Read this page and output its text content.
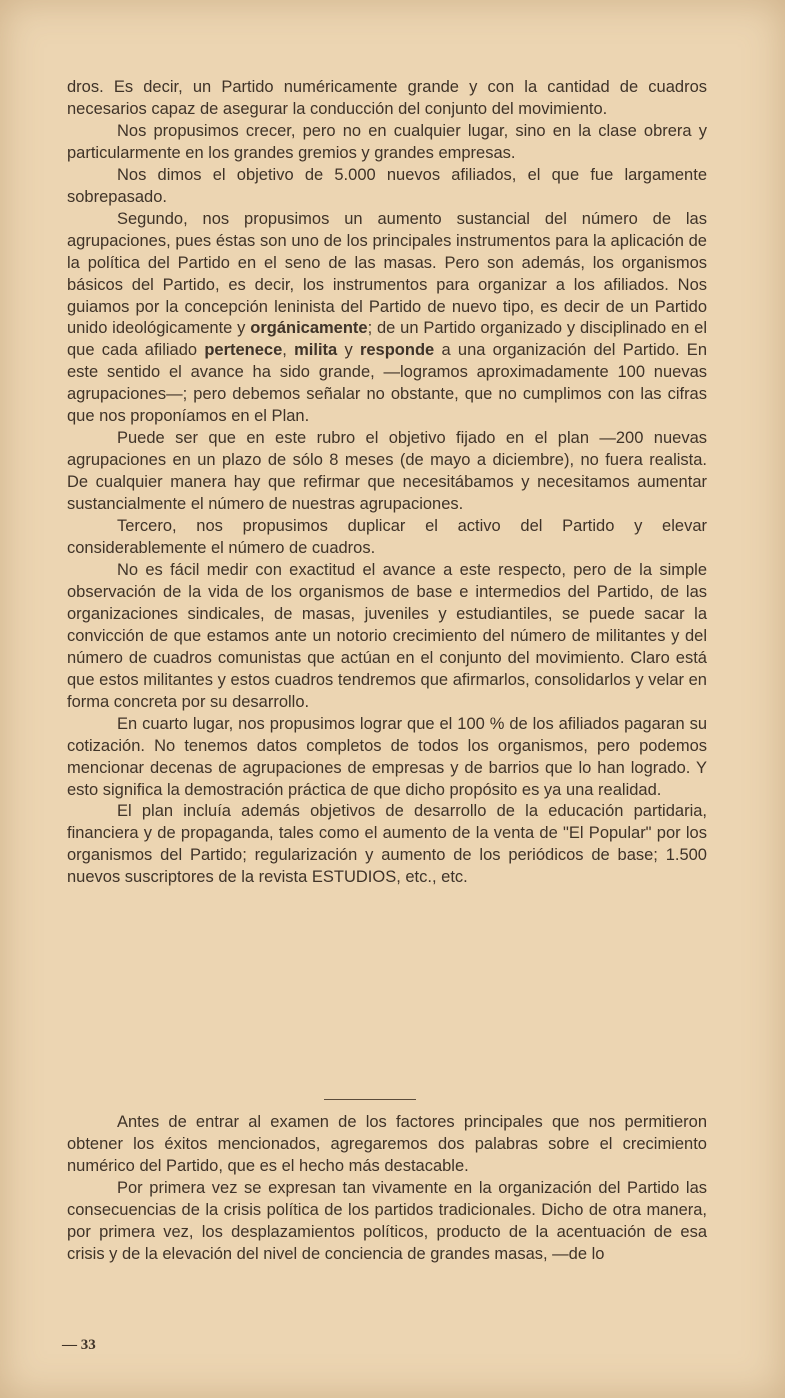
dros. Es decir, un Partido numéricamente grande y con la cantidad de cuadros necesarios capaz de asegurar la conducción del conjunto del movimiento.

Nos propusimos crecer, pero no en cualquier lugar, sino en la clase obrera y particularmente en los grandes gremios y grandes empresas.

Nos dimos el objetivo de 5.000 nuevos afiliados, el que fue largamente sobrepasado.

Segundo, nos propusimos un aumento sustancial del número de las agrupaciones, pues éstas son uno de los principales instrumentos para la aplicación de la política del Partido en el seno de las masas. Pero son además, los organismos básicos del Partido, es decir, los instrumentos para organizar a los afiliados. Nos guiamos por la concepción leninista del Partido de nuevo tipo, es decir de un Partido unido ideológicamente y orgánicamente; de un Partido organizado y disciplinado en el que cada afiliado pertenece, milita y responde a una organización del Partido. En este sentido el avance ha sido grande, —logramos aproximadamente 100 nuevas agrupaciones—; pero debemos señalar no obstante, que no cumplimos con las cifras que nos proponíamos en el Plan.

Puede ser que en este rubro el objetivo fijado en el plan —200 nuevas agrupaciones en un plazo de sólo 8 meses (de mayo a diciembre), no fuera realista. De cualquier manera hay que refirmar que necesitábamos y necesitamos aumentar sustancialmente el número de nuestras agrupaciones.

Tercero, nos propusimos duplicar el activo del Partido y elevar considerablemente el número de cuadros.

No es fácil medir con exactitud el avance a este respecto, pero de la simple observación de la vida de los organismos de base e intermedios del Partido, de las organizaciones sindicales, de masas, juveniles y estudiantiles, se puede sacar la convicción de que estamos ante un notorio crecimiento del número de militantes y del número de cuadros comunistas que actúan en el conjunto del movimiento. Claro está que estos militantes y estos cuadros tendremos que afirmarlos, consolidarlos y velar en forma concreta por su desarrollo.

En cuarto lugar, nos propusimos lograr que el 100 % de los afiliados pagaran su cotización. No tenemos datos completos de todos los organismos, pero podemos mencionar decenas de agrupaciones de empresas y de barrios que lo han logrado. Y esto significa la demostración práctica de que dicho propósito es ya una realidad.

El plan incluía además objetivos de desarrollo de la educación partidaria, financiera y de propaganda, tales como el aumento de la venta de "El Popular" por los organismos del Partido; regularización y aumento de los periódicos de base; 1.500 nuevos suscriptores de la revista ESTUDIOS, etc., etc.

Antes de entrar al examen de los factores principales que nos permitieron obtener los éxitos mencionados, agregaremos dos palabras sobre el crecimiento numérico del Partido, que es el hecho más destacable.

Por primera vez se expresan tan vivamente en la organización del Partido las consecuencias de la crisis política de los partidos tradicionales. Dicho de otra manera, por primera vez, los desplazamientos políticos, producto de la acentuación de esa crisis y de la elevación del nivel de conciencia de grandes masas, —de lo

— 33
